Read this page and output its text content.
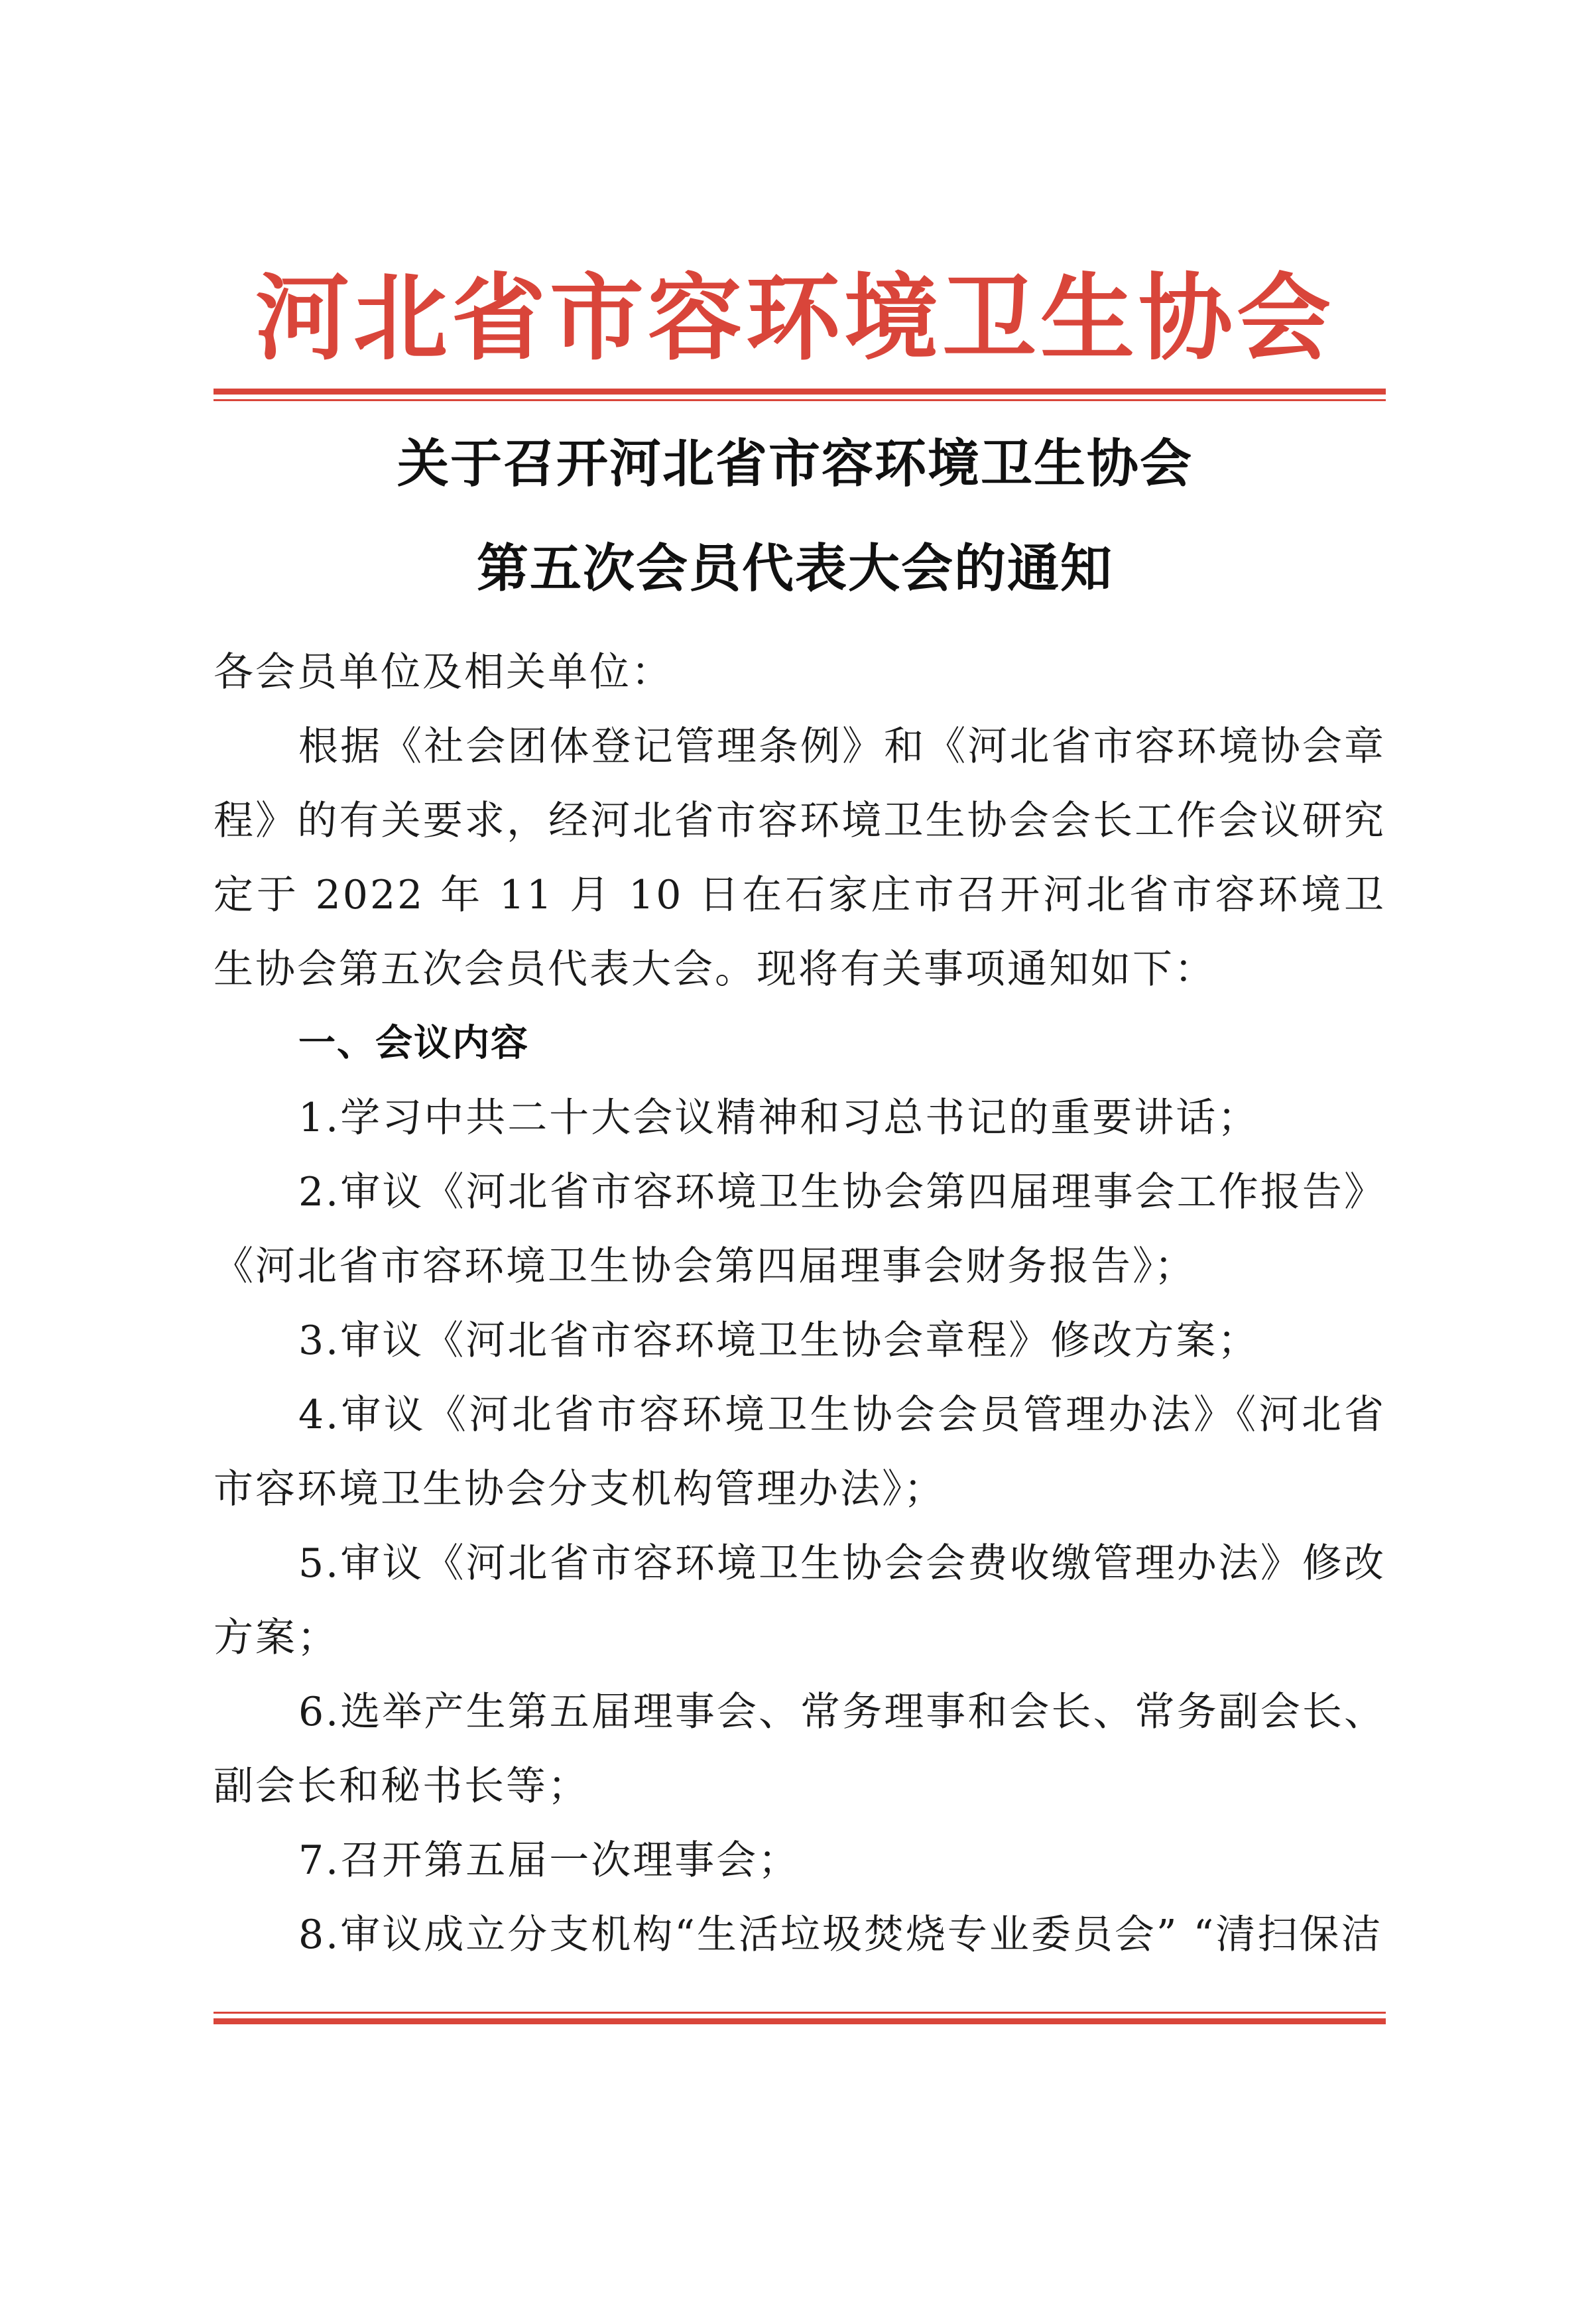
河北省市容环境卫生协会
关于召开河北省市容环境卫生协会
第五次会员代表大会的通知
各会员单位及相关单位：
根据《社会团体登记管理条例》和《河北省市容环境协会章程》的有关要求，经河北省市容环境卫生协会会长工作会议研究定于 2022 年 11 月 10 日在石家庄市召开河北省市容环境卫生协会第五次会员代表大会。现将有关事项通知如下：
一、会议内容

1.学习中共二十大会议精神和习总书记的重要讲话；

2.审议《河北省市容环境卫生协会第四届理事会工作报告》《河北省市容环境卫生协会第四届理事会财务报告》；

3.审议《河北省市容环境卫生协会章程》修改方案；

4.审议《河北省市容环境卫生协会会员管理办法》《河北省市容环境卫生协会分支机构管理办法》；

5.审议《河北省市容环境卫生协会会费收缴管理办法》修改方案；

6.选举产生第五届理事会、常务理事和会长、常务副会长、副会长和秘书长等；

7.召开第五届一次理事会；

8.审议成立分支机构“生活垃圾焚烧专业委员会” “清扫保洁
